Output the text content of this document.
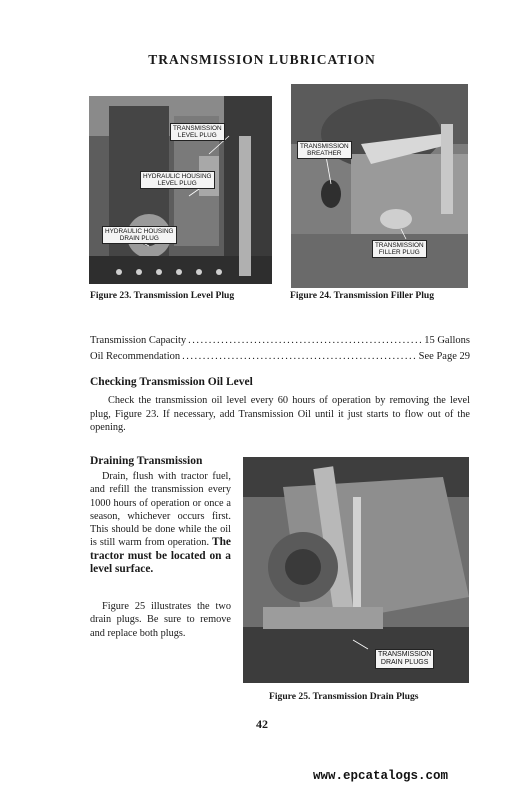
TRANSMISSION LUBRICATION
TRANSMISSION
LEVEL PLUG
HYDRAULIC HOUSING
LEVEL PLUG
HYDRAULIC HOUSING
DRAIN PLUG
TRANSMISSION
BREATHER
TRANSMISSION
FILLER PLUG
Figure 23. Transmission Level Plug	Figure 24. Transmission Filler Plug
Transmission Capacity .....	15 Gallons
Oil Recommendation .....	See Page 29
Checking Transmission Oil Level

Check the transmission oil level every 60 hours of operation by removing the level plug, Figure 23. If necessary, add Transmission Oil until it just starts to flow out of the opening.

Draining Transmission

Drain, flush with tractor fuel, and refill the transmission every 1000 hours of operation or once a season, whichever occurs first. This should be done while the oil is still warm from operation. The tractor must be located on a level surface.

Figure 25 illustrates the two drain plugs. Be sure to remove and replace both plugs.

TRANSMISSION
DRAIN PLUGS
Figure 25. Transmission Drain Plugs
42
www.epcatalogs.com
